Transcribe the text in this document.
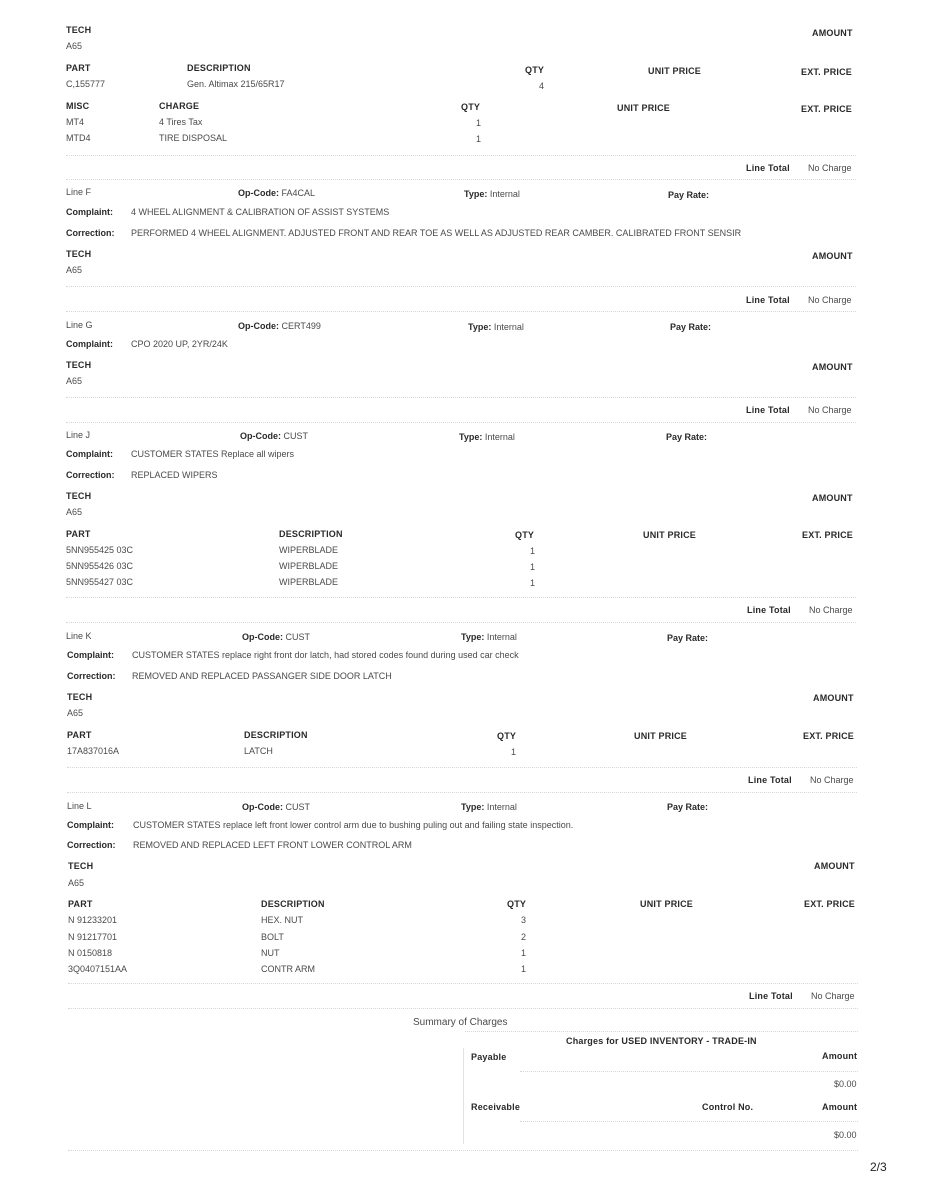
TECH	AMOUNT
A65
PART	DESCRIPTION	QTY	UNIT PRICE	EXT. PRICE
C,155777	Gen. Altimax 215/65R17	4
MISC	CHARGE	QTY	UNIT PRICE	EXT. PRICE
MT4	4 Tires Tax	1
MTD4	TIRE DISPOSAL	1
Line Total No Charge
Line F	Op-Code: FA4CAL	Type: Internal	Pay Rate:
Complaint: 4 WHEEL ALIGNMENT & CALIBRATION OF ASSIST SYSTEMS
Correction: PERFORMED 4 WHEEL ALIGNMENT. ADJUSTED FRONT AND REAR TOE AS WELL AS ADJUSTED REAR CAMBER. CALIBRATED FRONT SENSIR
TECH	AMOUNT
A65
Line Total No Charge
Line G	Op-Code: CERT499	Type: Internal	Pay Rate:
Complaint: CPO 2020 UP, 2YR/24K
TECH	AMOUNT
A65
Line Total No Charge
Line J	Op-Code: CUST	Type: Internal	Pay Rate:
Complaint: CUSTOMER STATES Replace all wipers
Correction: REPLACED WIPERS
TECH	AMOUNT
A65
PART	DESCRIPTION	QTY	UNIT PRICE	EXT. PRICE
5NN955425 03C	WIPERBLADE	1
5NN955426 03C	WIPERBLADE	1
5NN955427 03C	WIPERBLADE	1
Line Total No Charge
Line K	Op-Code: CUST	Type: Internal	Pay Rate:
Complaint: CUSTOMER STATES replace right front dor latch, had stored codes found during used car check
Correction: REMOVED AND REPLACED PASSANGER SIDE DOOR LATCH
TECH	AMOUNT
A65
PART	DESCRIPTION	QTY	UNIT PRICE	EXT. PRICE
17A837016A	LATCH	1
Line Total No Charge
Line L	Op-Code: CUST	Type: Internal	Pay Rate:
Complaint: CUSTOMER STATES replace left front lower control arm due to bushing puling out and failing state inspection.
Correction: REMOVED AND REPLACED LEFT FRONT LOWER CONTROL ARM
TECH	AMOUNT
A65
PART	DESCRIPTION	QTY	UNIT PRICE	EXT. PRICE
N 91233201	HEX. NUT	3
N 91217701	BOLT	2
N 0150818	NUT	1
3Q0407151AA	CONTR ARM	1
Line Total No Charge
Summary of Charges
Charges for USED INVENTORY - TRADE-IN
Payable	Amount
$0.00
Receivable	Control No.	Amount
$0.00
2/3
